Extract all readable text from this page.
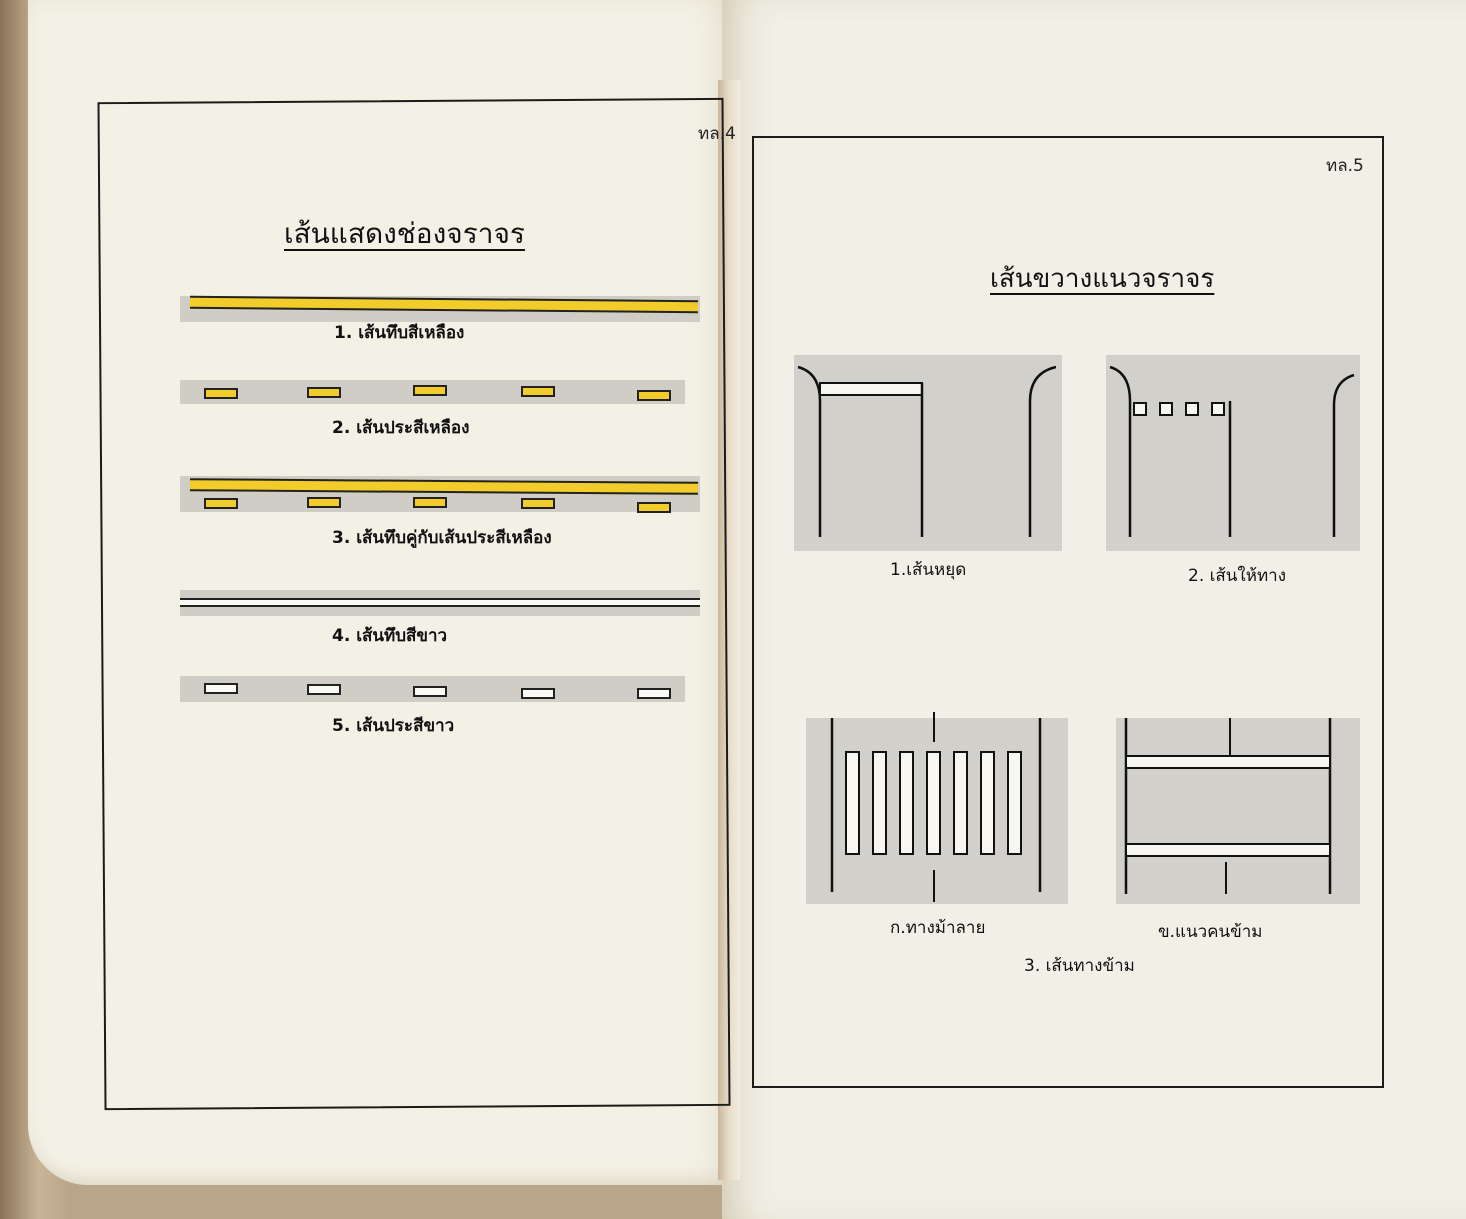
ทล.4
เส้นแสดงช่องจราจร
1. เส้นทึบสีเหลือง
2. เส้นประสีเหลือง
3. เส้นทึบคู่กับเส้นประสีเหลือง
4. เส้นทึบสีขาว
5. เส้นประสีขาว
ทล.5
เส้นขวางแนวจราจร
1.เส้นหยุด	2. เส้นให้ทาง
ก.ทางม้าลาย	ข.แนวคนข้าม
3. เส้นทางข้าม
